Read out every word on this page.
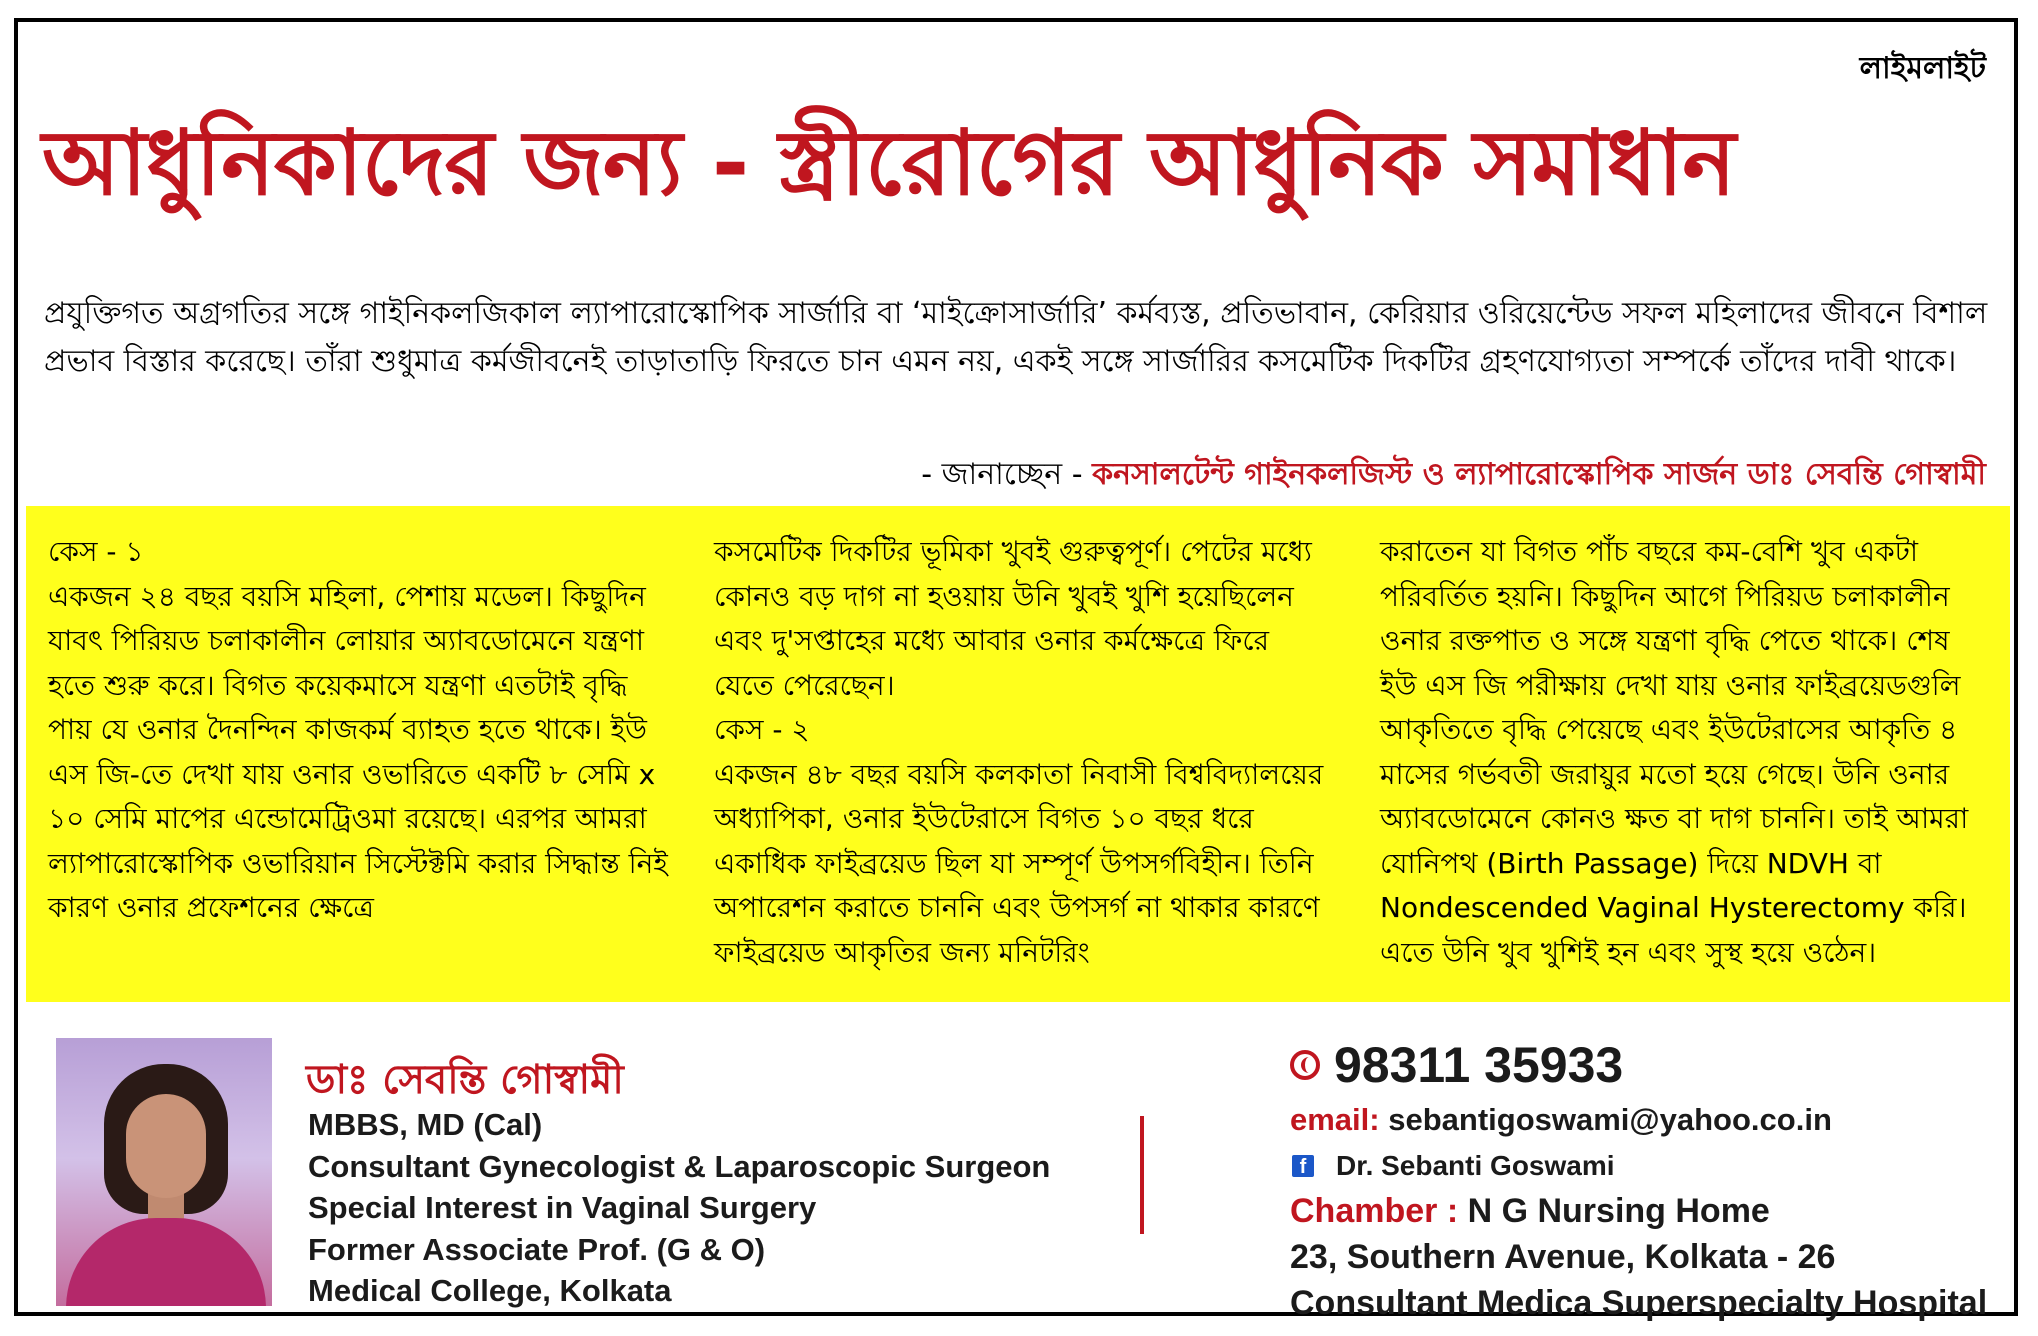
লাইমলাইট
আধুনিকাদের জন্য - স্ত্রীরোগের আধুনিক সমাধান
প্রযুক্তিগত অগ্রগতির সঙ্গে গাইনিকলজিকাল ল্যাপারোস্কোপিক সার্জারি বা ‘মাইক্রোসার্জারি’ কর্মব্যস্ত, প্রতিভাবান, কেরিয়ার ওরিয়েন্টেড সফল মহিলাদের জীবনে বিশাল প্রভাব বিস্তার করেছে। তাঁরা শুধুমাত্র কর্মজীবনেই তাড়াতাড়ি ফিরতে চান এমন নয়, একই সঙ্গে সার্জারির কসমেটিক দিকটির গ্রহণযোগ্যতা সম্পর্কে তাঁদের দাবী থাকে।
- জানাচ্ছেন - কনসালটেন্ট গাইনকলজিস্ট ও ল্যাপারোস্কোপিক সার্জন ডাঃ সেবন্তি গোস্বামী

কেস - ১

একজন ২৪ বছর বয়সি মহিলা, পেশায় মডেল। কিছুদিন যাবৎ পিরিয়ড চলাকালীন লোয়ার অ্যাবডোমেনে যন্ত্রণা হতে শুরু করে। বিগত কয়েকমাসে যন্ত্রণা এতটাই বৃদ্ধি পায় যে ওনার দৈনন্দিন কাজকর্ম ব্যাহত হতে থাকে। ইউ এস জি-তে দেখা যায় ওনার ওভারিতে একটি ৮ সেমি x ১০ সেমি মাপের এন্ডোমেট্রিওমা রয়েছে। এরপর আমরা ল্যাপারোস্কোপিক ওভারিয়ান সিস্টেক্টমি করার সিদ্ধান্ত নিই কারণ ওনার প্রফেশনের ক্ষেত্রে

কসমেটিক দিকটির ভূমিকা খুবই গুরুত্বপূর্ণ। পেটের মধ্যে কোনও বড় দাগ না হওয়ায় উনি খুবই খুশি হয়েছিলেন এবং দু'সপ্তাহের মধ্যে আবার ওনার কর্মক্ষেত্রে ফিরে যেতে পেরেছেন।

কেস - ২

একজন ৪৮ বছর বয়সি কলকাতা নিবাসী বিশ্ববিদ্যালয়ের অধ্যাপিকা, ওনার ইউটেরাসে বিগত ১০ বছর ধরে একাধিক ফাইব্রয়েড ছিল যা সম্পূর্ণ উপসর্গবিহীন। তিনি অপারেশন করাতে চাননি এবং উপসর্গ না থাকার কারণে ফাইব্রয়েড আকৃতির জন্য মনিটরিং

করাতেন যা বিগত পাঁচ বছরে কম-বেশি খুব একটা পরিবর্তিত হয়নি। কিছুদিন আগে পিরিয়ড চলাকালীন ওনার রক্তপাত ও সঙ্গে যন্ত্রণা বৃদ্ধি পেতে থাকে। শেষ ইউ এস জি পরীক্ষায় দেখা যায় ওনার ফাইব্রয়েডগুলি আকৃতিতে বৃদ্ধি পেয়েছে এবং ইউটেরাসের আকৃতি ৪ মাসের গর্ভবতী জরায়ুর মতো হয়ে গেছে। উনি ওনার অ্যাবডোমেনে কোনও ক্ষত বা দাগ চাননি। তাই আমরা যোনিপথ (Birth Passage) দিয়ে NDVH বা Nondescended Vaginal Hysterectomy করি। এতে উনি খুব খুশিই হন এবং সুস্থ হয়ে ওঠেন।

ডাঃ সেবন্তি গোস্বামী
MBBS, MD (Cal)
Consultant Gynecologist & Laparoscopic Surgeon
Special Interest in Vaginal Surgery
Former Associate Prof. (G & O)
Medical College, Kolkata
98311 35933
email: sebantigoswami@yahoo.co.in
f Dr. Sebanti Goswami
Chamber : N G Nursing Home
23, Southern Avenue, Kolkata - 26
Consultant Medica Superspecialty Hospital
